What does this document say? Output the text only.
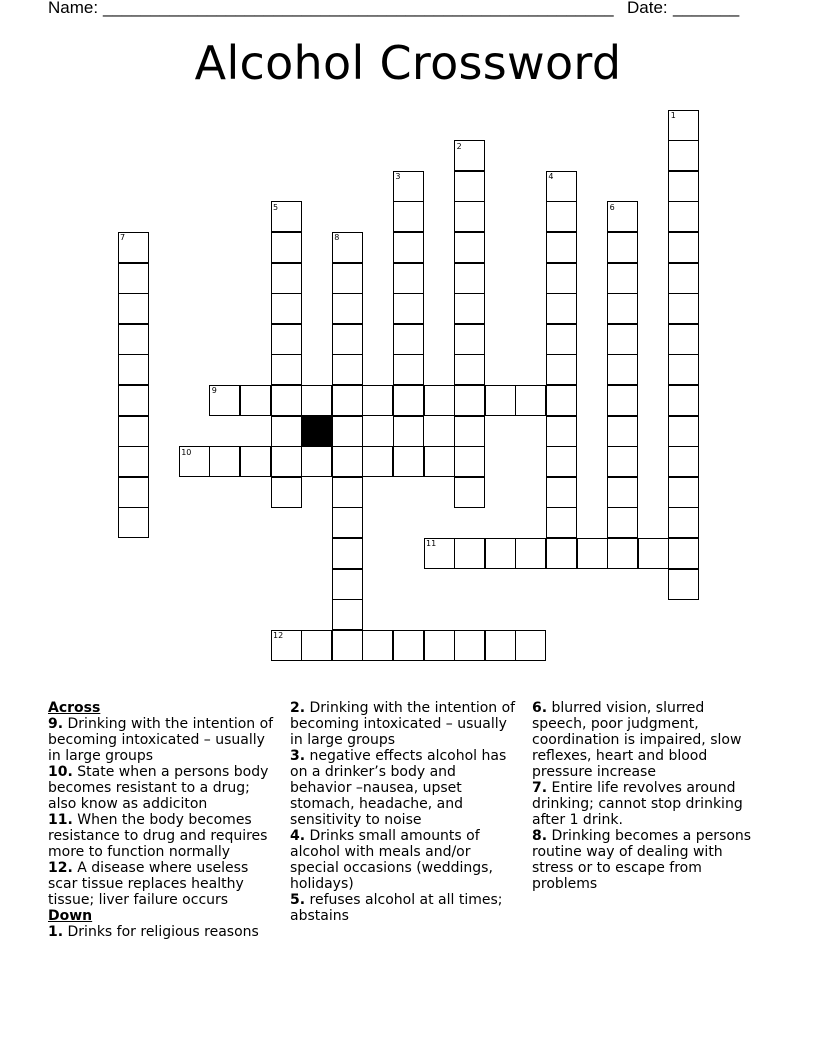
Name: ______________________________________________________ Date: _______
Alcohol Crossword
1
2
3	4
5	6
7	8
9
10
11
12
Across
9. Drinking with the intention of becoming intoxicated – usually in large groups
10. State when a persons body becomes resistant to a drug; also know as addiciton
11. When the body becomes resistance to drug and requires more to function normally
12. A disease where useless scar tissue replaces healthy tissue; liver failure occurs
Down
1. Drinks for religious reasons
2. Drinking with the intention of becoming intoxicated – usually in large groups
3. negative effects alcohol has on a drinker’s body and behavior –nausea, upset stomach, headache, and sensitivity to noise
4. Drinks small amounts of alcohol with meals and/or special occasions (weddings, holidays)
5. refuses alcohol at all times; abstains
6. blurred vision, slurred speech, poor judgment, coordination is impaired, slow reflexes, heart and blood pressure increase
7. Entire life revolves around drinking; cannot stop drinking after 1 drink.
8. Drinking becomes a persons routine way of dealing with stress or to escape from problems
